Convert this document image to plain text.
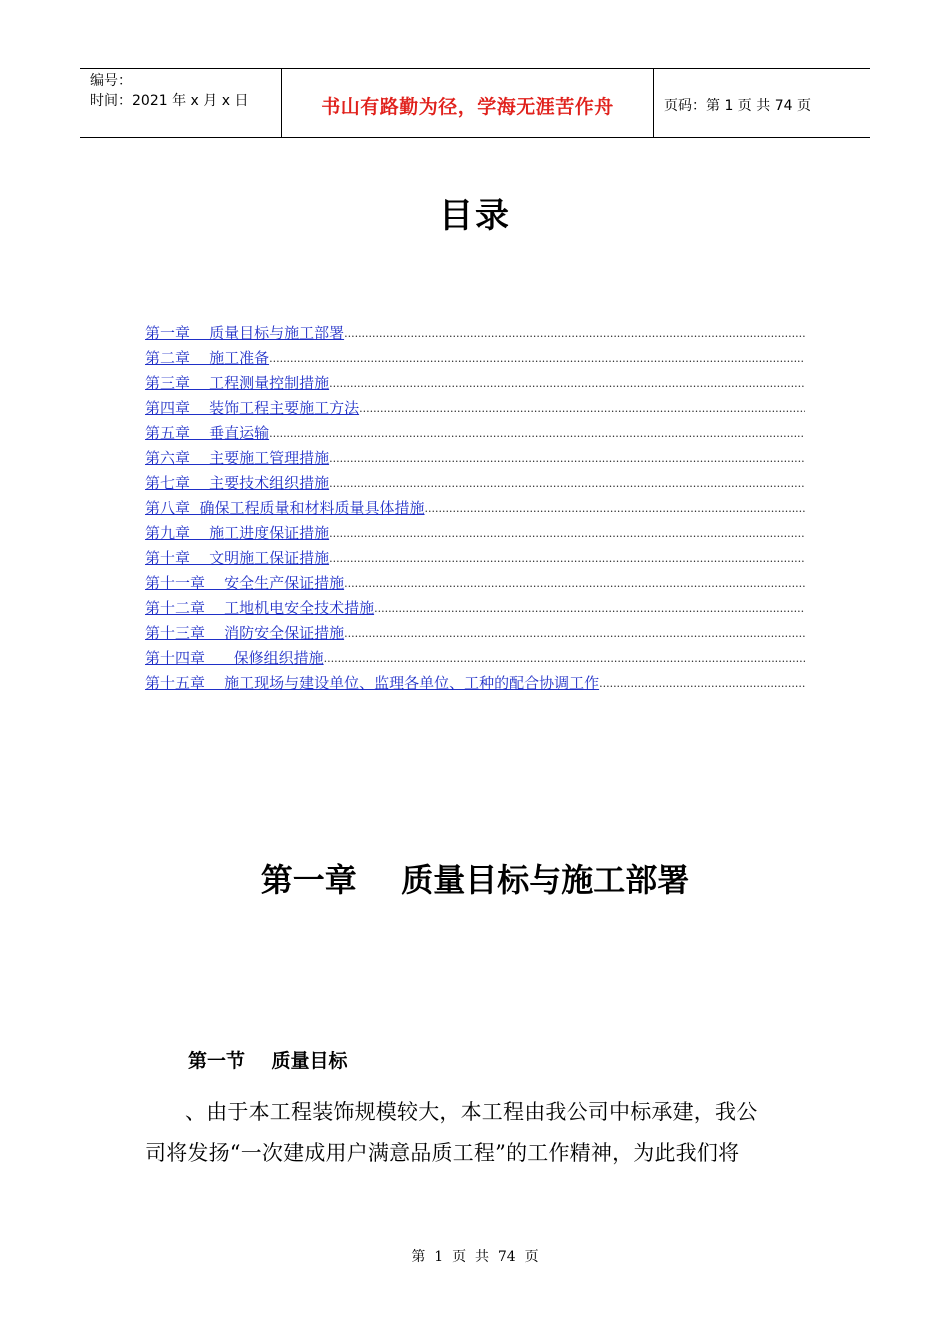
编号：
时间：2021 年 x 月 x 日	书山有路勤为径，学海无涯苦作舟	页码：第 1 页 共 74 页
目录
第一章    质量目标与施工部署
.....
第二章    施工准备
.....
第三章    工程测量控制措施
.....
第四章    装饰工程主要施工方法
.....
第五章    垂直运输
.....
第六章    主要施工管理措施
.....
第七章    主要技术组织措施
.....
第八章  确保工程质量和材料质量具体措施
.....
第九章    施工进度保证措施
.....
第十章    文明施工保证措施
.....
第十一章    安全生产保证措施
.....
第十二章    工地机电安全技术措施
.....
第十三章    消防安全保证措施
.....
第十四章      保修组织措施
.....
第十五章    施工现场与建设单位、监理各单位、工种的配合协调工作
.....
第一章    质量目标与施工部署
第一节    质量目标
、由于本工程装饰规模较大，本工程由我公司中标承建，我公
司将发扬“一次建成用户满意品质工程”的工作精神，为此我们将
第  1  页  共  74  页
